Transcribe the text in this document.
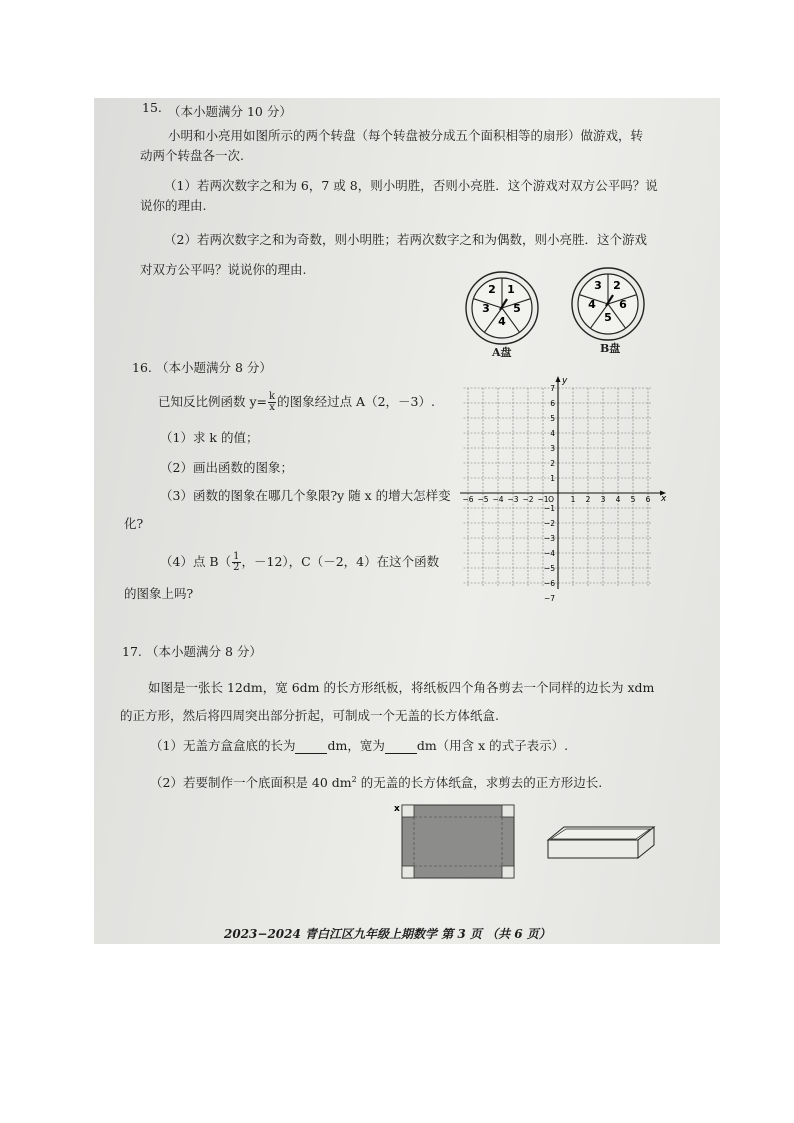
15. （本小题满分 10 分）
小明和小亮用如图所示的两个转盘（每个转盘被分成五个面积相等的扇形）做游戏，转
动两个转盘各一次.
（1）若两次数字之和为 6，7 或 8，则小明胜，否则小亮胜．这个游戏对双方公平吗？说
说你的理由.
（2）若两次数字之和为奇数，则小明胜；若两次数字之和为偶数，则小亮胜．这个游戏
对双方公平吗？说说你的理由.
1
5
4
3
2
A盘
2
6
5
4
3
B盘
16. （本小题满分 8 分）
已知反比例函数 $y= \frac{k}{x}$ 的图象经过点 A（2，－3）.
（1）求 k 的值；
（2）画出函数的图象；
（3）函数的图象在哪几个象限?y 随 x 的增大怎样变
化?
（4）点 $B( \frac{1}{2}$ ，－12），C（－2，4）在这个函数
的图象上吗?
x
y
O
−6 −5 −4 −3 −2 −1	1 2 3 4 5 6
7
6
5
4
3
2
1
−1
−2
−3
−4
−5
−6
−7
17. （本小题满分 8 分）
如图是一张长 12dm，宽 6dm 的长方形纸板，将纸板四个角各剪去一个同样的边长为 xdm
的正方形，然后将四周突出部分折起，可制成一个无盖的长方体纸盒.
（1）无盖方盒盒底的长为	dm，宽为	dm（用含 x 的式子表示）.
（2）若要制作一个底面积是 40 $dm^2$ 的无盖的长方体纸盒，求剪去的正方形边长.
x
2023−2024 青白江区九年级上期数学 第 3 页 （共 6 页）
